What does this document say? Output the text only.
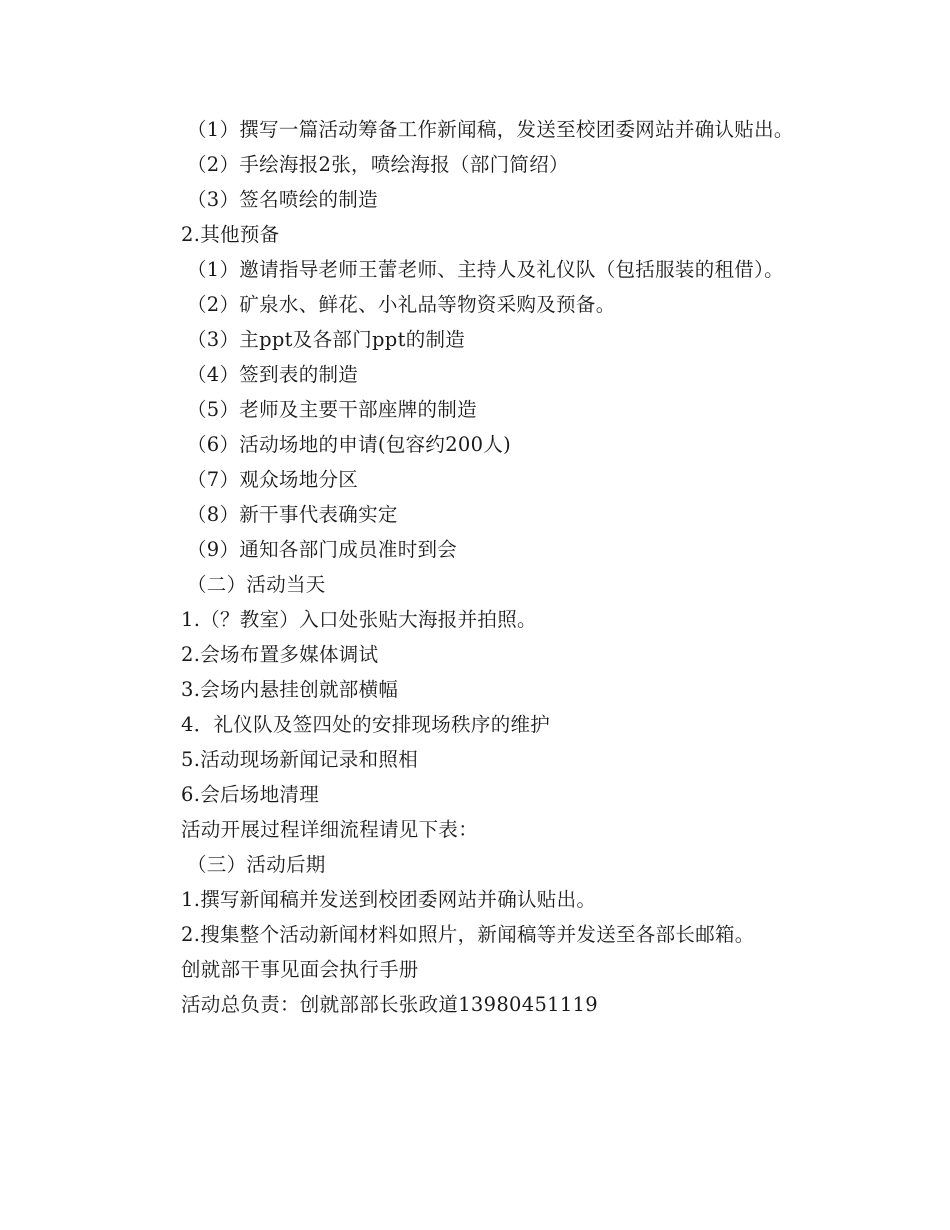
（1）撰写一篇活动筹备工作新闻稿，发送至校团委网站并确认贴出。

（2）手绘海报2张，喷绘海报（部门简绍）

（3）签名喷绘的制造

2.其他预备

（1）邀请指导老师王蕾老师、主持人及礼仪队（包括服装的租借）。

（2）矿泉水、鲜花、小礼品等物资采购及预备。

（3）主ppt及各部门ppt的制造

（4）签到表的制造

（5）老师及主要干部座牌的制造

（6）活动场地的申请(包容约200人)

（7）观众场地分区

（8）新干事代表确实定

（9）通知各部门成员准时到会

（二）活动当天

1.（？教室）入口处张贴大海报并拍照。

2.会场布置多媒体调试

3.会场内悬挂创就部横幅

4．礼仪队及签四处的安排现场秩序的维护

5.活动现场新闻记录和照相

6.会后场地清理

活动开展过程详细流程请见下表：

（三）活动后期

1.撰写新闻稿并发送到校团委网站并确认贴出。

2.搜集整个活动新闻材料如照片，新闻稿等并发送至各部长邮箱。

创就部干事见面会执行手册

活动总负责：创就部部长张政道13980451119
